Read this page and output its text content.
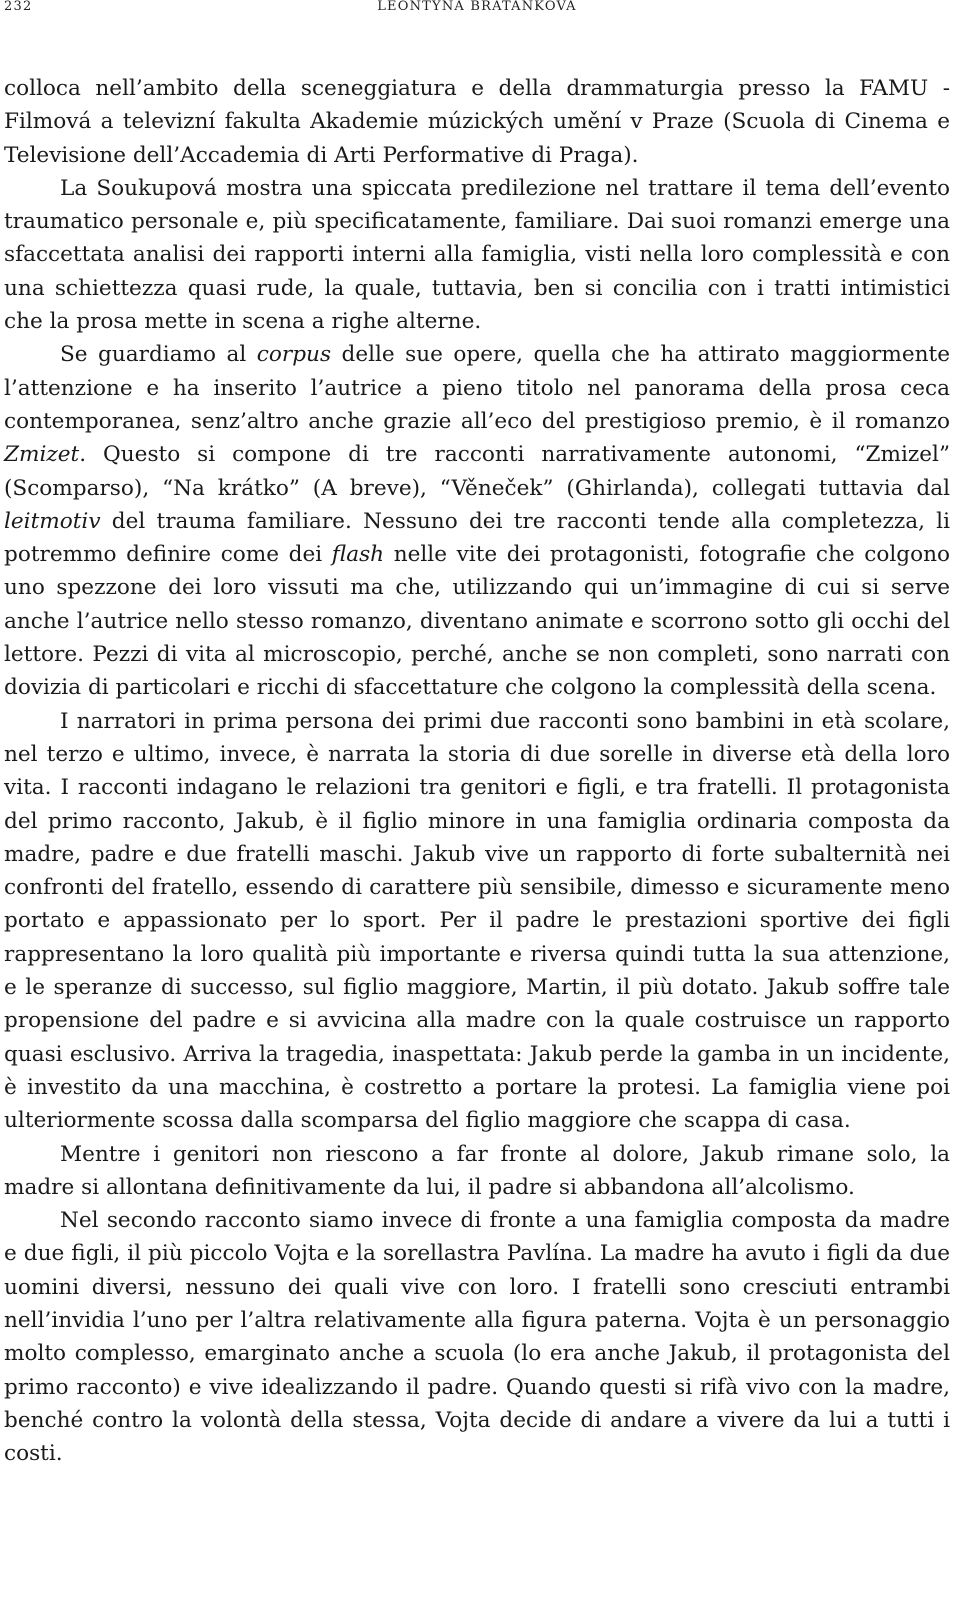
232	LEONTYNA BRATANKOVA

colloca nell’ambito della sceneggiatura e della drammaturgia presso la FAMU - Filmová a televizní fakulta Akademie múzických umění v Praze (Scuola di Cinema e Televisione dell’Accademia di Arti Performative di Praga).

La Soukupová mostra una spiccata predilezione nel trattare il tema dell’evento traumatico personale e, più specificatamente, familiare. Dai suoi romanzi emerge una sfaccettata analisi dei rapporti interni alla famiglia, visti nella loro complessità e con una schiettezza quasi rude, la quale, tuttavia, ben si concilia con i tratti intimistici che la prosa mette in scena a righe alterne.

Se guardiamo al corpus delle sue opere, quella che ha attirato maggiormente l’attenzione e ha inserito l’autrice a pieno titolo nel panorama della prosa ceca contemporanea, senz’altro anche grazie all’eco del prestigioso premio, è il romanzo Zmizet. Questo si compone di tre racconti narrativamente autonomi, “Zmizel” (Scomparso), “Na krátko” (A breve), “Věneček” (Ghirlanda), collegati tuttavia dal leitmotiv del trauma familiare. Nessuno dei tre racconti tende alla completezza, li potremmo definire come dei flash nelle vite dei protagonisti, fotografie che colgono uno spezzone dei loro vissuti ma che, utilizzando qui un’immagine di cui si serve anche l’autrice nello stesso romanzo, diventano animate e scorrono sotto gli occhi del lettore. Pezzi di vita al microscopio, perché, anche se non completi, sono narrati con dovizia di particolari e ricchi di sfaccettature che colgono la complessità della scena.

I narratori in prima persona dei primi due racconti sono bambini in età scolare, nel terzo e ultimo, invece, è narrata la storia di due sorelle in diverse età della loro vita. I racconti indagano le relazioni tra genitori e figli, e tra fratelli. Il protagonista del primo racconto, Jakub, è il figlio minore in una famiglia ordinaria composta da madre, padre e due fratelli maschi. Jakub vive un rapporto di forte subalternità nei confronti del fratello, essendo di carattere più sensibile, dimesso e sicuramente meno portato e appassionato per lo sport. Per il padre le prestazioni sportive dei figli rappresentano la loro qualità più importante e riversa quindi tutta la sua attenzione, e le speranze di successo, sul figlio maggiore, Martin, il più dotato. Jakub soffre tale propensione del padre e si avvicina alla madre con la quale costruisce un rapporto quasi esclusivo. Arriva la tragedia, inaspettata: Jakub perde la gamba in un incidente, è investito da una macchina, è costretto a portare la protesi. La famiglia viene poi ulteriormente scossa dalla scomparsa del figlio maggiore che scappa di casa.

Mentre i genitori non riescono a far fronte al dolore, Jakub rimane solo, la madre si allontana definitivamente da lui, il padre si abbandona all’alcolismo.

Nel secondo racconto siamo invece di fronte a una famiglia composta da madre e due figli, il più piccolo Vojta e la sorellastra Pavlína. La madre ha avuto i figli da due uomini diversi, nessuno dei quali vive con loro. I fratelli sono cresciuti entrambi nell’invidia l’uno per l’altra relativamente alla figura paterna. Vojta è un personaggio molto complesso, emarginato anche a scuola (lo era anche Jakub, il protagonista del primo racconto) e vive idealizzando il padre. Quando questi si rifà vivo con la madre, benché contro la volontà della stessa, Vojta decide di andare a vivere da lui a tutti i costi.
